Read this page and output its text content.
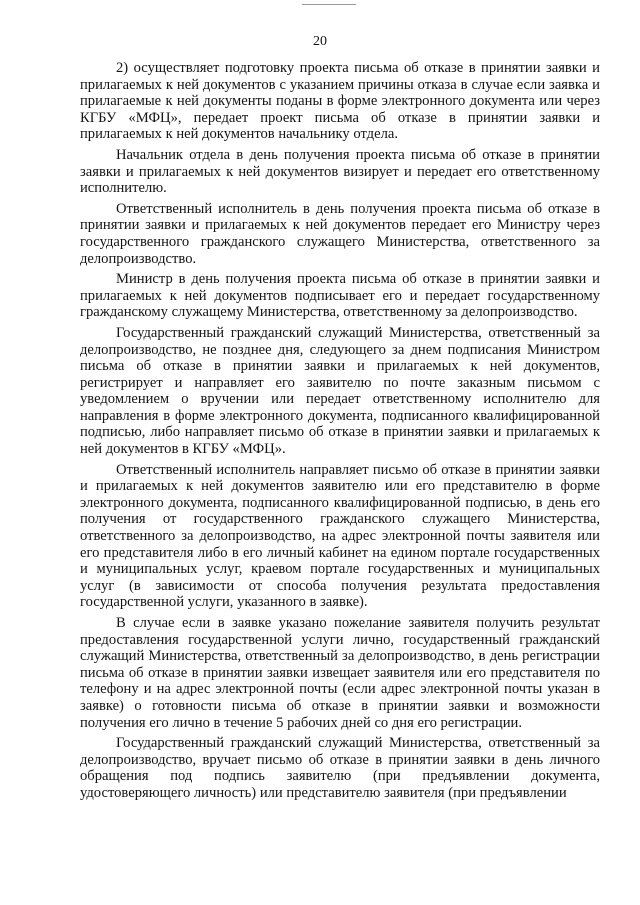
20

2) осуществляет подготовку проекта письма об отказе в принятии заявки и прилагаемых к ней документов с указанием причины отказа в случае если заявка и прилагаемые к ней документы поданы в форме электронного документа или через КГБУ «МФЦ», передает проект письма об отказе в принятии заявки и прилагаемых к ней документов начальнику отдела.

Начальник отдела в день получения проекта письма об отказе в принятии заявки и прилагаемых к ней документов визирует и передает его ответственному исполнителю.

Ответственный исполнитель в день получения проекта письма об отказе в принятии заявки и прилагаемых к ней документов передает его Министру через государственного гражданского служащего Министерства, ответственного за делопроизводство.

Министр в день получения проекта письма об отказе в принятии заявки и прилагаемых к ней документов подписывает его и передает государственному гражданскому служащему Министерства, ответственному за делопроизводство.

Государственный гражданский служащий Министерства, ответственный за делопроизводство, не позднее дня, следующего за днем подписания Министром письма об отказе в принятии заявки и прилагаемых к ней документов, регистрирует и направляет его заявителю по почте заказным письмом с уведомлением о вручении или передает ответственному исполнителю для направления в форме электронного документа, подписанного квалифицированной подписью, либо направляет письмо об отказе в принятии заявки и прилагаемых к ней документов в КГБУ «МФЦ».

Ответственный исполнитель направляет письмо об отказе в принятии заявки и прилагаемых к ней документов заявителю или его представителю в форме электронного документа, подписанного квалифицированной подписью, в день его получения от государственного гражданского служащего Министерства, ответственного за делопроизводство, на адрес электронной почты заявителя или его представителя либо в его личный кабинет на едином портале государственных и муниципальных услуг, краевом портале государственных и муниципальных услуг (в зависимости от способа получения результата предоставления государственной услуги, указанного в заявке).

В случае если в заявке указано пожелание заявителя получить результат предоставления государственной услуги лично, государственный гражданский служащий Министерства, ответственный за делопроизводство, в день регистрации письма об отказе в принятии заявки извещает заявителя или его представителя по телефону и на адрес электронной почты (если адрес электронной почты указан в заявке) о готовности письма об отказе в принятии заявки и возможности получения его лично в течение 5 рабочих дней со дня его регистрации.

Государственный гражданский служащий Министерства, ответственный за делопроизводство, вручает письмо об отказе в принятии заявки в день личного обращения под подпись заявителю (при предъявлении документа, удостоверяющего личность) или представителю заявителя (при предъявлении
